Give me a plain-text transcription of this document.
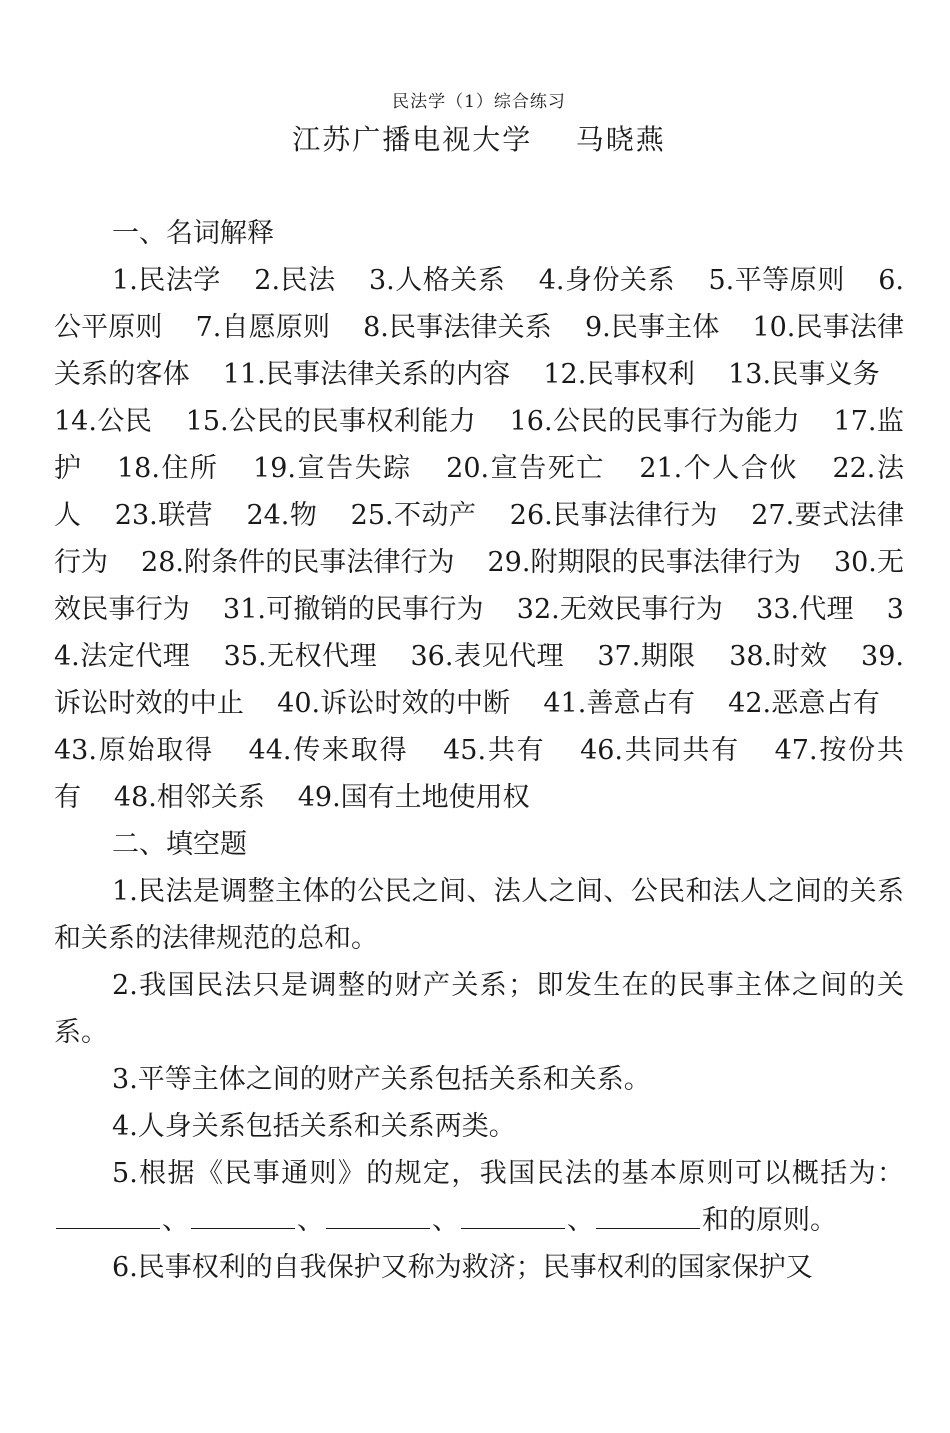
民法学（1）综合练习

江苏广播电视大学    马晓燕

一、名词解释

1.民法学 2.民法 3.人格关系 4.身份关系 5.平等原则 6.公平原则 7.自愿原则 8.民事法律关系 9.民事主体 10.民事法律关系的客体 11.民事法律关系的内容 12.民事权利 13.民事义务 14.公民 15.公民的民事权利能力 16.公民的民事行为能力 17.监护 18.住所 19.宣告失踪 20.宣告死亡 21.个人合伙 22.法人 23.联营 24.物 25.不动产 26.民事法律行为 27.要式法律行为 28.附条件的民事法律行为 29.附期限的民事法律行为 30.无效民事行为 31.可撤销的民事行为 32.无效民事行为 33.代理 34.法定代理 35.无权代理 36.表见代理 37.期限 38.时效 39.诉讼时效的中止 40.诉讼时效的中断 41.善意占有 42.恶意占有 43.原始取得 44.传来取得 45.共有 46.共同共有 47.按份共有 48.相邻关系 49.国有土地使用权

二、填空题

1.民法是调整主体的公民之间、法人之间、公民和法人之间的关系和关系的法律规范的总和。

2.我国民法只是调整的财产关系；即发生在的民事主体之间的关系。

3.平等主体之间的财产关系包括关系和关系。

4.人身关系包括关系和关系两类。

5.根据《民事通则》的规定，我国民法的基本原则可以概括为：、	、	、	、	和的原则。

6.民事权利的自我保护又称为救济；民事权利的国家保护又
